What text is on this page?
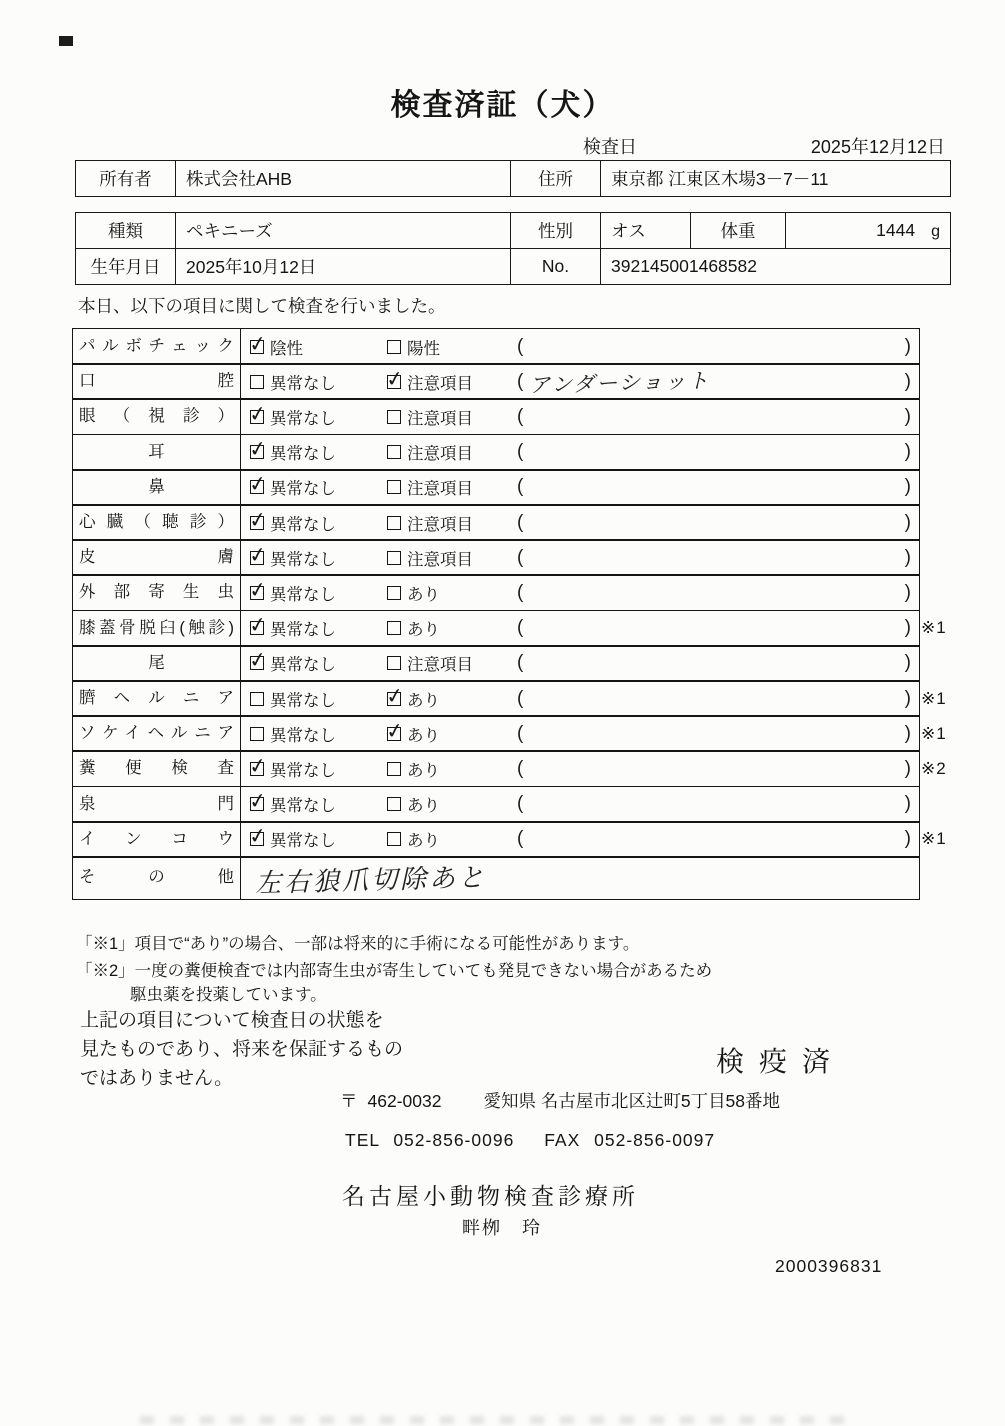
検査済証（犬）
検査日	2025年12月12日
所有者	株式会社AHB	住所	東京都 江東区木場3－7－11
種類	ペキニーズ	性別	オス	体重	1444 g
生年月日	2025年10月12日	No.	392145001468582		

本日、以下の項目に関して検査を行いました。

パルボチェック ✓	陰性	陽性	(	)
口腔	異常なし ✓	注意項目 ( アンダーショット	)
眼（視診） ✓	異常なし	注意項目 (	)
耳 ✓	異常なし	注意項目 (	)
鼻 ✓	異常なし	注意項目 (	)
心臓（聴診） ✓	異常なし	注意項目 (	)
皮膚 ✓	異常なし	注意項目 (	)
外部寄生虫 ✓	異常なし	あり	(	)
膝蓋骨脱臼(触診) ✓	異常なし	あり	(	) ※1
尾 ✓	異常なし	注意項目 (	)
臍ヘルニア	異常なし ✓	あり	(	) ※1
ソケイヘルニア	異常なし ✓	あり	(	) ※1
糞便検査 ✓	異常なし	あり	(	) ※2
泉門 ✓	異常なし	あり	(	)
インコウ ✓	異常なし	あり	(	) ※1
その他 左右狼爪切除あと

「※1」項目で“あり”の場合、一部は将来的に手術になる可能性があります。

「※2」一度の糞便検査では内部寄生虫が寄生していても発見できない場合があるため

駆虫薬を投薬しています。

上記の項目について検査日の状態を

見たものであり、将来を保証するもの

ではありません。

検疫済
〒 462-0032 愛知県 名古屋市北区辻町5丁目58番地
TEL 052-856-0096 FAX 052-856-0097
名古屋小動物検査診療所
畔栁　玲
2000396831
